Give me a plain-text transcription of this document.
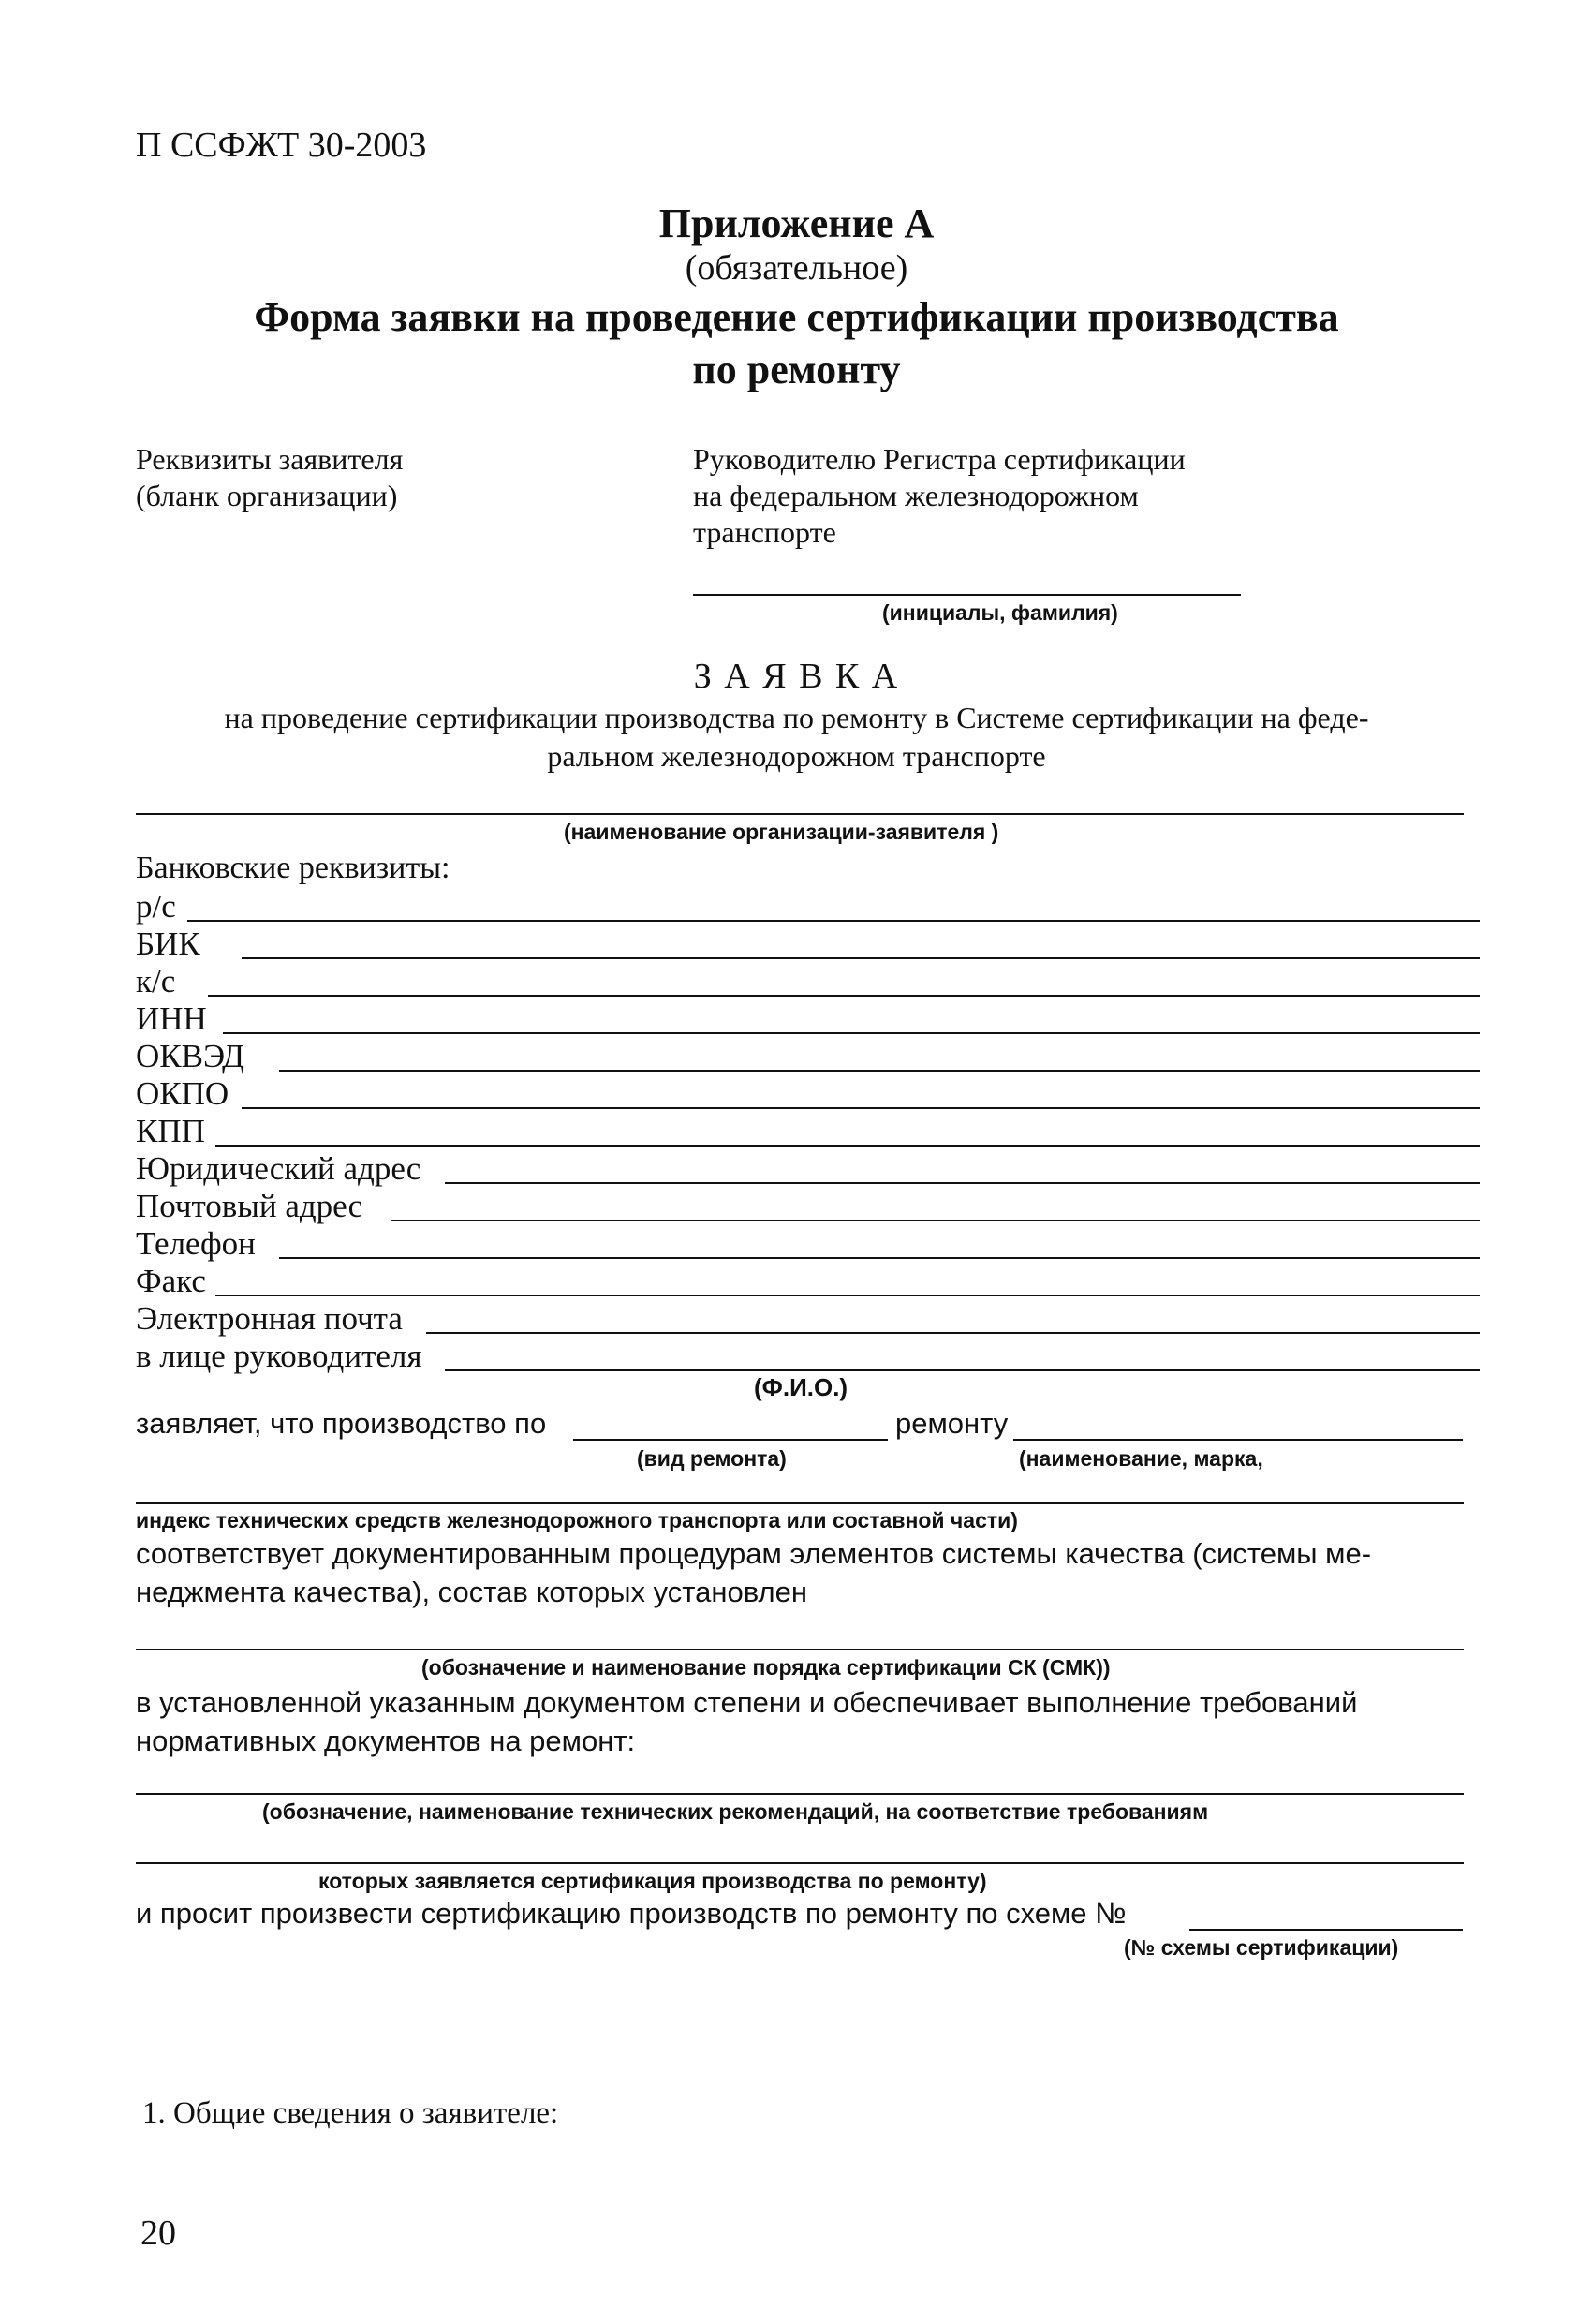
П ССФЖТ 30-2003
Приложение А
(обязательное)
Форма заявки на проведение сертификации производства
по ремонту
Реквизиты заявителя
(бланк организации)
Руководителю Регистра сертификации
на федеральном железнодорожном
транспорте
(инициалы, фамилия)
З А Я В К А
на проведение сертификации производства по ремонту в Системе сертификации на феде-
ральном железнодорожном транспорте
(наименование организации-заявителя )
Банковские реквизиты:
р/с
БИК
к/с
ИНН
ОКВЭД
ОКПО
КПП
Юридический адрес
Почтовый адрес
Телефон
Факс
Электронная почта
в лице руководителя
(Ф.И.О.)
заявляет, что производство по	ремонту
(вид ремонта)	(наименование, марка,
индекс технических средств железнодорожного транспорта или составной части)
соответствует документированным процедурам элементов системы качества (системы ме-
неджмента качества), состав которых установлен
(обозначение и наименование порядка сертификации СК (СМК))
в установленной указанным документом степени и обеспечивает выполнение требований
нормативных документов на ремонт:
(обозначение, наименование технических рекомендаций, на соответствие требованиям
которых заявляется сертификация производства по ремонту)
и просит произвести сертификацию производств по ремонту по схеме №
(№ схемы сертификации)
1. Общие сведения о заявителе:
20
